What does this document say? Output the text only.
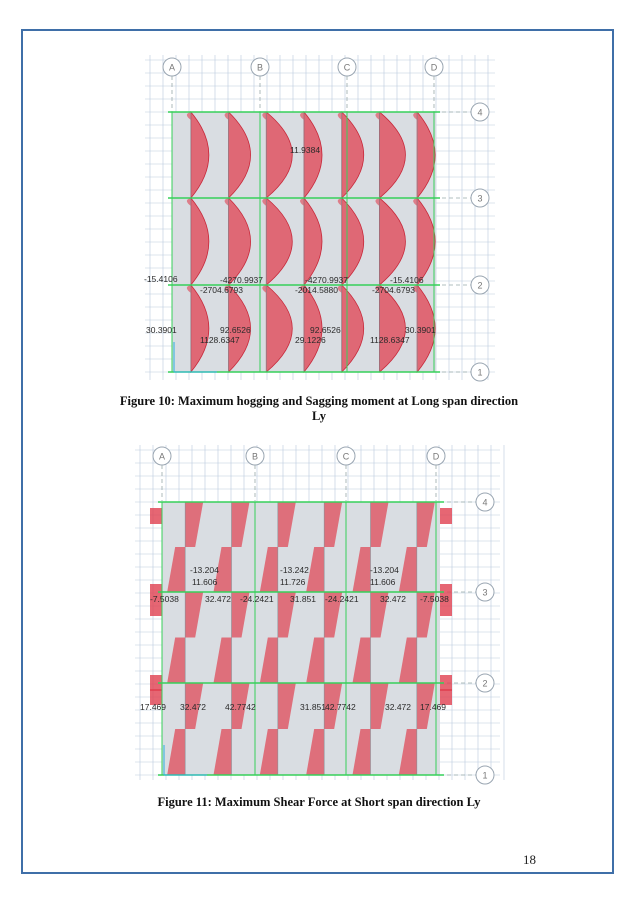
A	B	C	D
4
3
2
1
11.9384
-15.4106	-4270.9937
-2704.6793	-2014.5880
-4270.9937
-2704.6793
-15.4106
30.3901
1128.6347
92.6526
29.1226
92.6526
1128.6347
30.3901
Figure 10: Maximum hogging and Sagging moment at Long span direction
Ly
A	B	C	D
4
3
2
1
-13.204	-13.242	-13.204
11.606	11.726	11.606
-7.5038	32.472 -24.2421 31.851 -24.2421	32.472 -7.5038
17.469 32.472 42.7742	31.851 42.7742	32.472 17.469
Figure 11: Maximum Shear Force at Short span direction Ly
18
